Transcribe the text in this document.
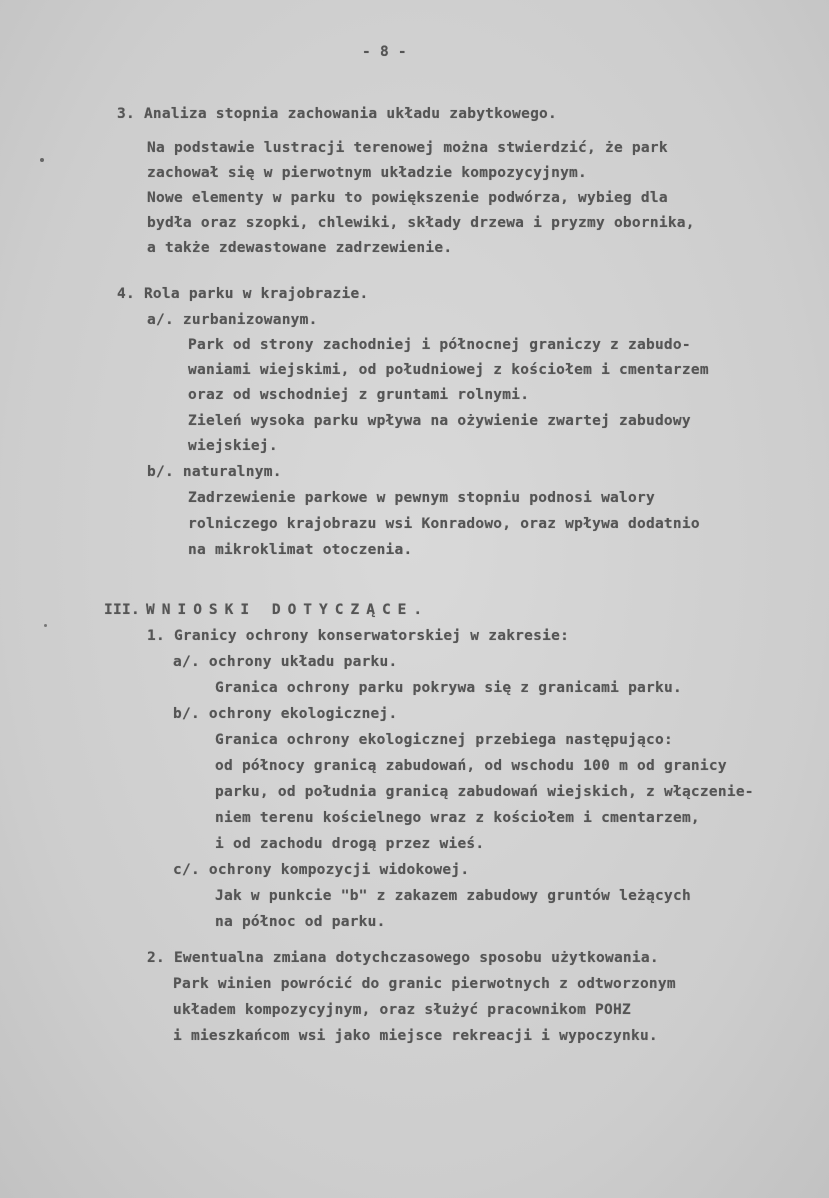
- 8 -
3. Analiza stopnia zachowania układu zabytkowego.
Na podstawie lustracji terenowej można stwierdzić, że park
zachował się w pierwotnym układzie kompozycyjnym.
Nowe elementy w parku to powiększenie podwórza, wybieg dla
bydła oraz szopki, chlewiki, składy drzewa i pryzmy obornika,
a także zdewastowane zadrzewienie.
4. Rola parku w krajobrazie.
a/. zurbanizowanym.
Park od strony zachodniej i północnej graniczy z zabudo-
waniami wiejskimi, od południowej z kościołem i cmentarzem
oraz od wschodniej z gruntami rolnymi.
Zieleń wysoka parku wpływa na ożywienie zwartej zabudowy
wiejskiej.
b/. naturalnym.
Zadrzewienie parkowe w pewnym stopniu podnosi walory
rolniczego krajobrazu wsi Konradowo, oraz wpływa dodatnio
na mikroklimat otoczenia.
III. WNIOSKI DOTYCZĄCE.
1. Granicy ochrony konserwatorskiej w zakresie:
a/. ochrony układu parku.
Granica ochrony parku pokrywa się z granicami parku.
b/. ochrony ekologicznej.
Granica ochrony ekologicznej przebiega następująco:
od północy granicą zabudowań, od wschodu 100 m od granicy
parku, od południa granicą zabudowań wiejskich, z włączenie-
niem terenu kościelnego wraz z kościołem i cmentarzem,
i od zachodu drogą przez wieś.
c/. ochrony kompozycji widokowej.
Jak w punkcie "b" z zakazem zabudowy gruntów leżących
na północ od parku.
2. Ewentualna zmiana dotychczasowego sposobu użytkowania.
Park winien powrócić do granic pierwotnych z odtworzonym
układem kompozycyjnym, oraz służyć pracownikom POHZ
i mieszkańcom wsi jako miejsce rekreacji i wypoczynku.
